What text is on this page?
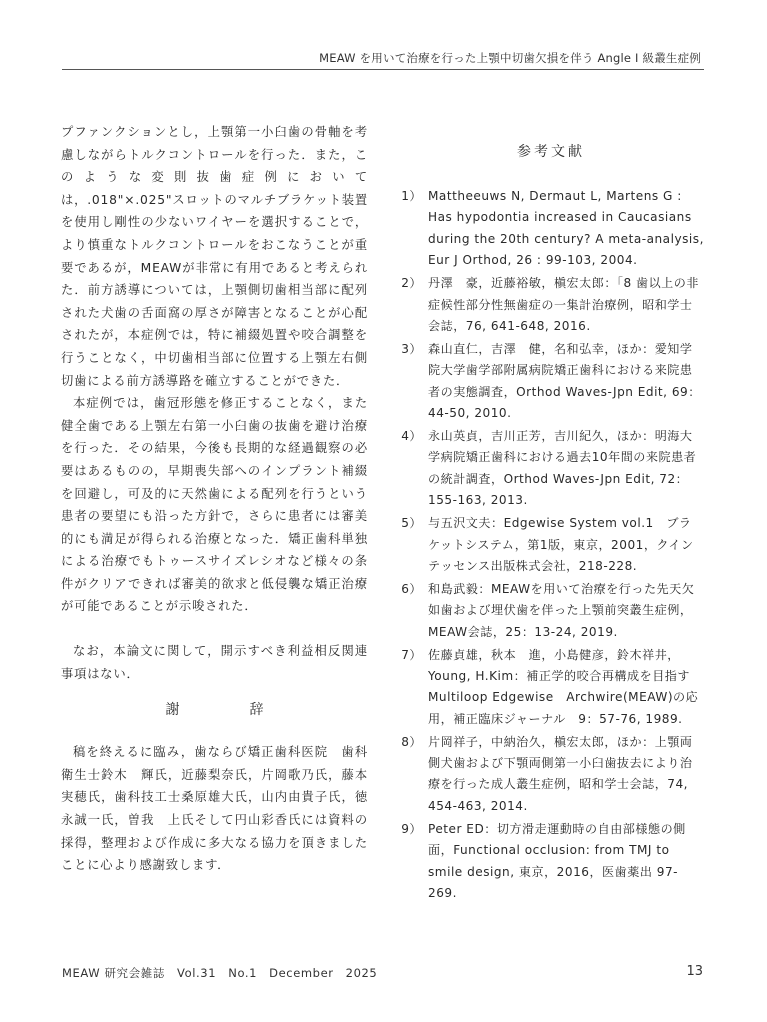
MEAW を用いて治療を行った上顎中切歯欠損を伴う Angle I 級叢生症例

プファンクションとし，上顎第一小臼歯の骨軸を考慮しながらトルクコントロールを行った．また，このような変則抜歯症例においては，.018"×.025"スロットのマルチブラケット装置を使用し剛性の少ないワイヤーを選択することで，より慎重なトルクコントロールをおこなうことが重要であるが，MEAWが非常に有用であると考えられた．前方誘導については，上顎側切歯相当部に配列された犬歯の舌面窩の厚さが障害となることが心配されたが，本症例では，特に補綴処置や咬合調整を行うことなく，中切歯相当部に位置する上顎左右側切歯による前方誘導路を確立することができた．

本症例では，歯冠形態を修正することなく，また健全歯である上顎左右第一小臼歯の抜歯を避け治療を行った．その結果，今後も長期的な経過観察の必要はあるものの，早期喪失部へのインプラント補綴を回避し，可及的に天然歯による配列を行うという患者の要望にも沿った方針で，さらに患者には審美的にも満足が得られる治療となった．矯正歯科単独による治療でもトゥースサイズレシオなど様々の条件がクリアできれば審美的欲求と低侵襲な矯正治療が可能であることが示唆された．

なお，本論文に関して，開示すべき利益相反関連事項はない．

謝　辞

稿を終えるに臨み，歯ならび矯正歯科医院　歯科衛生士鈴木　輝氏，近藤梨奈氏，片岡歌乃氏，藤本実穂氏，歯科技工士桑原雄大氏，山内由貴子氏，徳永誠一氏，曽我　上氏そして円山彩香氏には資料の採得，整理および作成に多大なる協力を頂きましたことに心より感謝致します．

参考文献
1） Mattheeuws N, Dermaut L, Martens G : Has hypodontia increased in Caucasians during the 20th century? A meta-analysis, Eur J Orthod, 26 : 99-103, 2004.
2） 丹澤　豪，近藤裕敏，槇宏太郎：「8 歯以上の非症候性部分性無歯症の一集計治療例，昭和学士会誌，76, 641-648, 2016.
3） 森山直仁，吉澤　健，名和弘幸，ほか：愛知学院大学歯学部附属病院矯正歯科における来院患者の実態調査，Orthod Waves-Jpn Edit, 69：44-50, 2010.
4） 永山英貞，吉川正芳，吉川紀久，ほか：明海大学病院矯正歯科における過去10年間の来院患者の統計調査，Orthod Waves-Jpn Edit, 72：155-163, 2013.
5） 与五沢文夫：Edgewise System vol.1　ブラケットシステム，第1版，東京，2001，クインテッセンス出版株式会社，218-228.
6） 和島武毅：MEAWを用いて治療を行った先天欠如歯および埋伏歯を伴った上顎前突叢生症例，MEAW会誌，25：13-24, 2019.
7） 佐藤貞雄，秋本　進，小島健彦，鈴木祥井，Young, H.Kim：補正学的咬合再構成を目指す Multiloop Edgewise　Archwire(MEAW)の応用，補正臨床ジャーナル　9：57-76, 1989.
8） 片岡祥子，中納治久，槇宏太郎，ほか：上顎両側犬歯および下顎両側第一小臼歯抜去により治療を行った成人叢生症例，昭和学士会誌，74, 454-463, 2014.
9） Peter ED：切方滑走運動時の自由部様態の側面，Functional occlusion: from TMJ to smile design, 東京，2016，医歯薬出 97-269.
MEAW 研究会雑誌　Vol.31　No.1　December　2025	13
